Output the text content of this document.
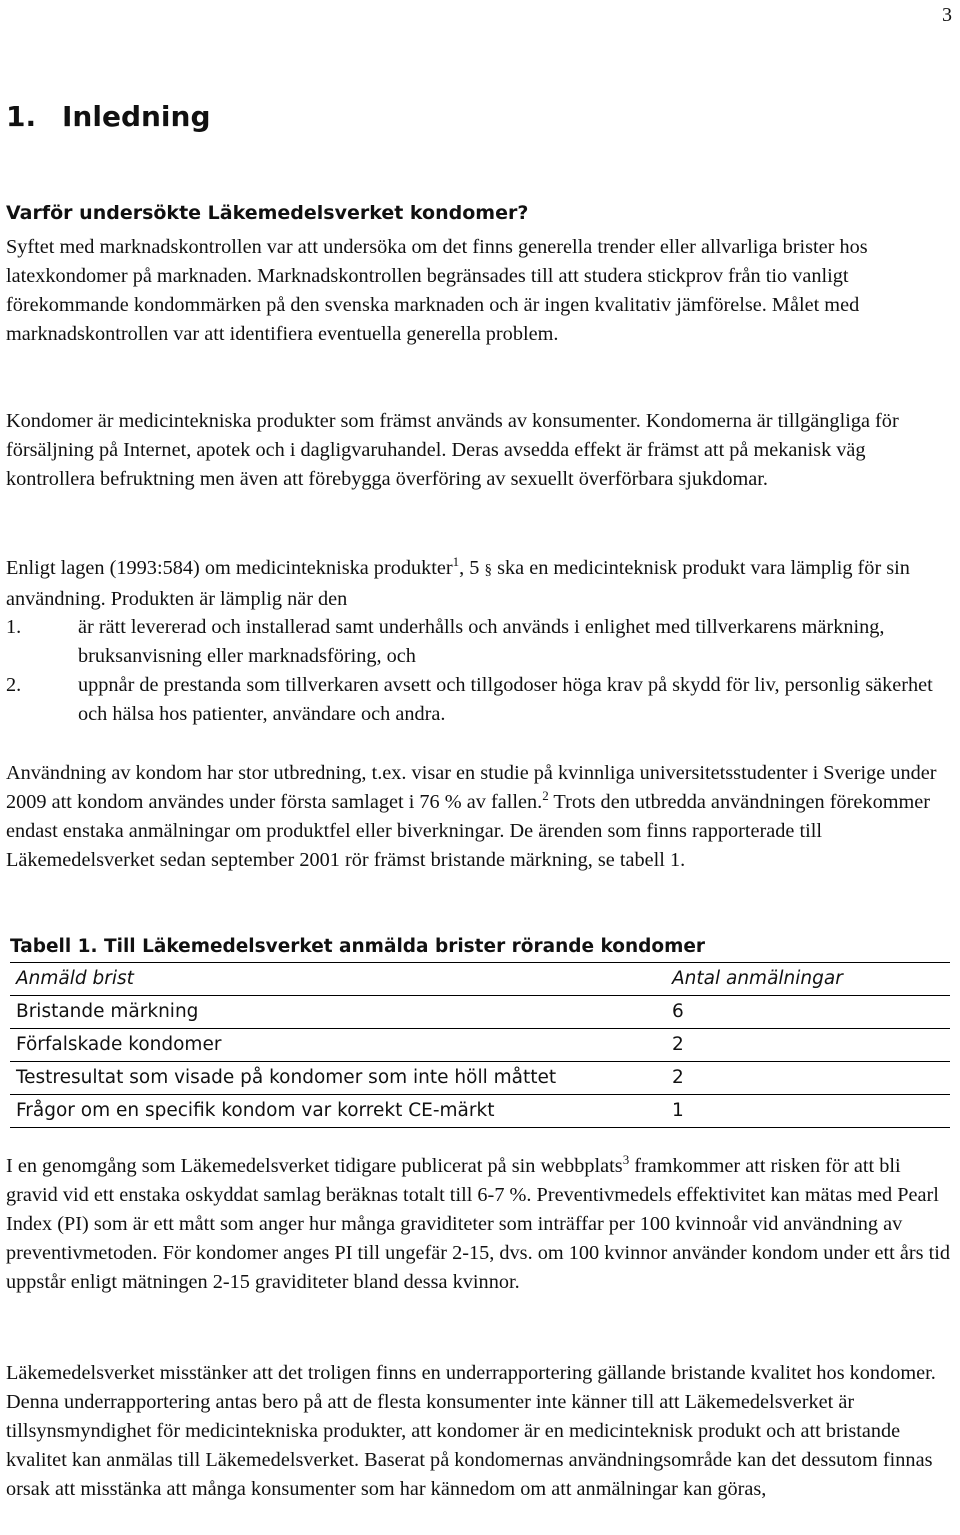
3
1. Inledning
Varför undersökte Läkemedelsverket kondomer?

Syftet med marknadskontrollen var att undersöka om det finns generella trender eller allvarliga brister hos latexkondomer på marknaden. Marknadskontrollen begränsades till att studera stickprov från tio vanligt förekommande kondommärken på den svenska marknaden och är ingen kvalitativ jämförelse. Målet med marknadskontrollen var att identifiera eventuella generella problem.

Kondomer är medicintekniska produkter som främst används av konsumenter. Kondomerna är tillgängliga för försäljning på Internet, apotek och i dagligvaruhandel. Deras avsedda effekt är främst att på mekanisk väg kontrollera befruktning men även att förebygga överföring av sexuellt överförbara sjukdomar.

Enligt lagen (1993:584) om medicintekniska produkter$^1$, 5 § ska en medicinteknisk produkt vara lämplig för sin användning. Produkten är lämplig när den

1.	är rätt levererad och installerad samt underhålls och används i enlighet med tillverkarens märkning, bruksanvisning eller marknadsföring, och
2.	uppnår de prestanda som tillverkaren avsett och tillgodoser höga krav på skydd för liv, personlig säkerhet och hälsa hos patienter, användare och andra.

Användning av kondom har stor utbredning, t.ex. visar en studie på kvinnliga universitetsstudenter i Sverige under 2009 att kondom användes under första samlaget i 76 % av fallen.$^2$ Trots den utbredda användningen förekommer endast enstaka anmälningar om produktfel eller biverkningar. De ärenden som finns rapporterade till Läkemedelsverket sedan september 2001 rör främst bristande märkning, se tabell 1.

Tabell 1. Till Läkemedelsverket anmälda brister rörande kondomer
Anmäld brist	Antal anmälningar
Bristande märkning	6
Förfalskade kondomer	2
Testresultat som visade på kondomer som inte höll måttet	2
Frågor om en specifik kondom var korrekt CE-märkt	1

I en genomgång som Läkemedelsverket tidigare publicerat på sin webbplats$^3$ framkommer att risken för att bli gravid vid ett enstaka oskyddat samlag beräknas totalt till 6-7 %. Preventivmedels effektivitet kan mätas med Pearl Index (PI) som är ett mått som anger hur många graviditeter som inträffar per 100 kvinnoår vid användning av preventivmetoden. För kondomer anges PI till ungefär 2-15, dvs. om 100 kvinnor använder kondom under ett års tid uppstår enligt mätningen 2-15 graviditeter bland dessa kvinnor.

Läkemedelsverket misstänker att det troligen finns en underrapportering gällande bristande kvalitet hos kondomer. Denna underrapportering antas bero på att de flesta konsumenter inte känner till att Läkemedelsverket är tillsynsmyndighet för medicintekniska produkter, att kondomer är en medicinteknisk produkt och att bristande kvalitet kan anmälas till Läkemedelsverket. Baserat på kondomernas användningsområde kan det dessutom finnas orsak att misstänka att många konsumenter som har kännedom om att anmälningar kan göras,
